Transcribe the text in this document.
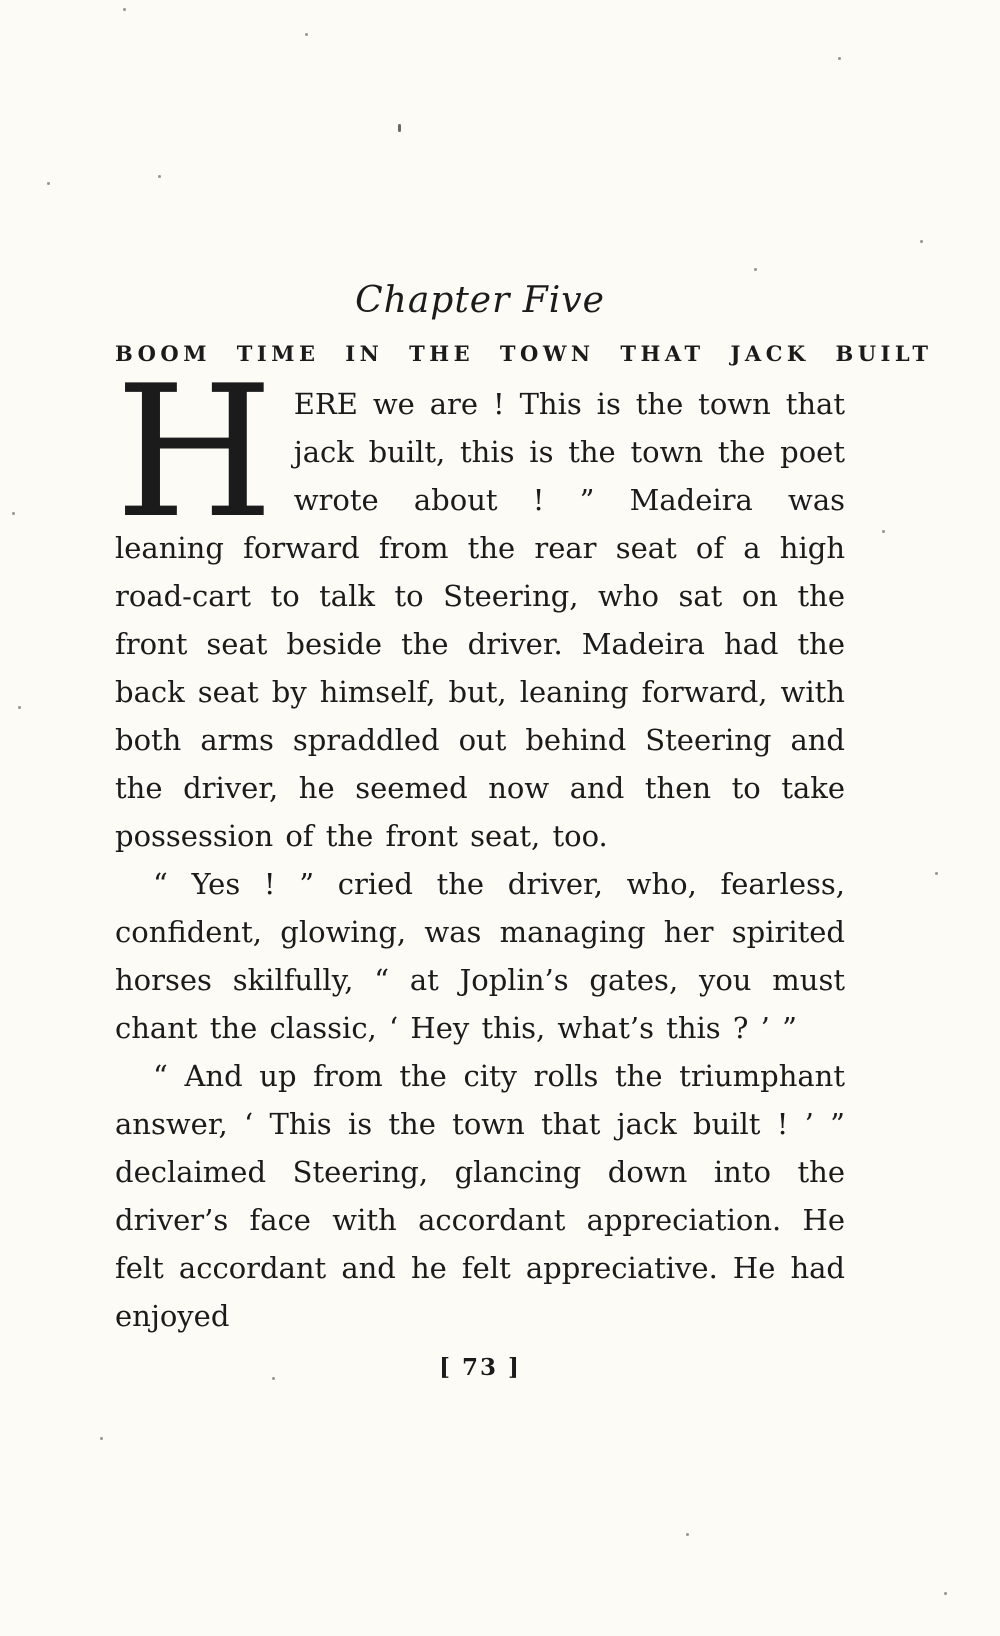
Chapter Five
BOOM TIME IN THE TOWN THAT JACK BUILT

HERE we are ! This is the town that jack built, this is the town the poet wrote about ! ” Madeira was leaning forward from the rear seat of a high road-cart to talk to Steering, who sat on the front seat beside the driver. Madeira had the back seat by himself, but, leaning forward, with both arms spraddled out behind Steering and the driver, he seemed now and then to take possession of the front seat, too.

“ Yes ! ” cried the driver, who, fearless, confident, glowing, was managing her spirited horses skilfully, “ at Joplin’s gates, you must chant the classic, ‘ Hey this, what’s this ? ’ ”

“ And up from the city rolls the triumphant answer, ‘ This is the town that jack built ! ’ ” declaimed Steering, glancing down into the driver’s face with accordant appreciation. He felt accordant and he felt appreciative. He had enjoyed

[ 73 ]
